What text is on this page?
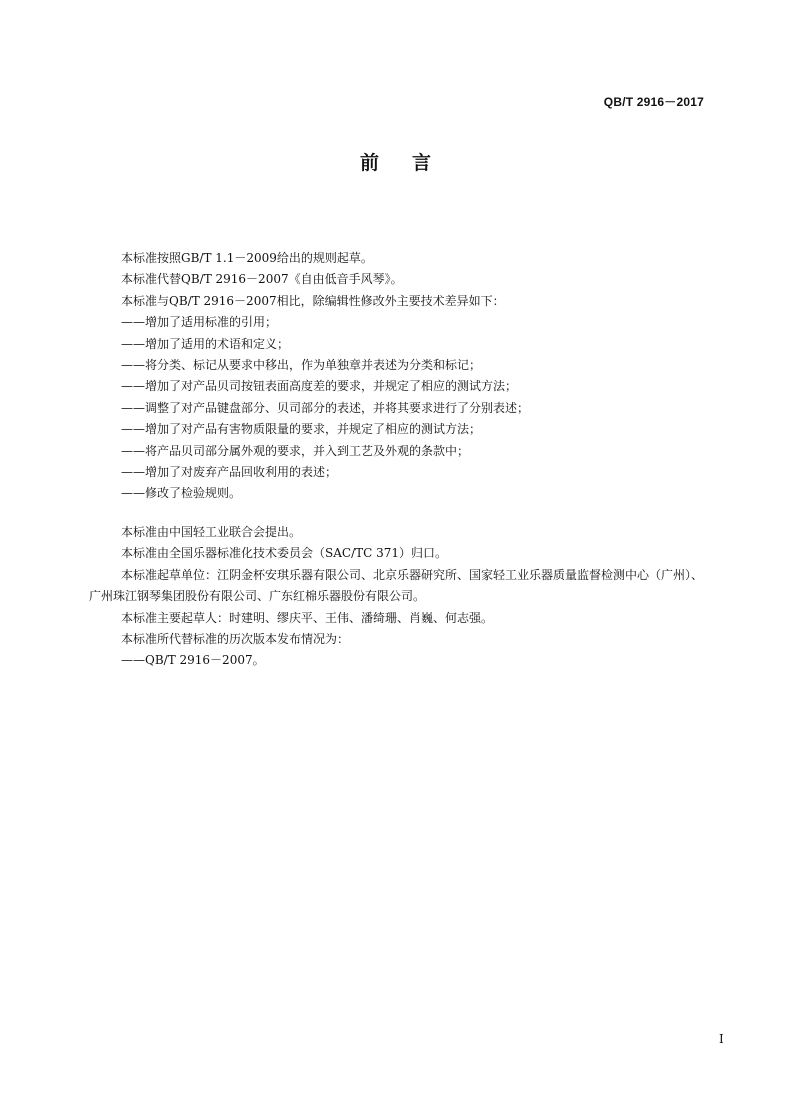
QB/T 2916－2017
前 言

本标准按照GB/T 1.1－2009给出的规则起草。

本标准代替QB/T 2916－2007《自由低音手风琴》。

本标准与QB/T 2916－2007相比，除编辑性修改外主要技术差异如下：

——增加了适用标准的引用；

——增加了适用的术语和定义；

——将分类、标记从要求中移出，作为单独章并表述为分类和标记；

——增加了对产品贝司按钮表面高度差的要求，并规定了相应的测试方法；

——调整了对产品键盘部分、贝司部分的表述，并将其要求进行了分别表述；

——增加了对产品有害物质限量的要求，并规定了相应的测试方法；

——将产品贝司部分属外观的要求，并入到工艺及外观的条款中；

——增加了对废弃产品回收利用的表述；

——修改了检验规则。

本标准由中国轻工业联合会提出。

本标准由全国乐器标准化技术委员会（SAC/TC 371）归口。

本标准起草单位：江阴金杯安琪乐器有限公司、北京乐器研究所、国家轻工业乐器质量监督检测中心（广州）、广州珠江钢琴集团股份有限公司、广东红棉乐器股份有限公司。

本标准主要起草人：时建明、缪庆平、王伟、潘绮珊、肖巍、何志强。

本标准所代替标准的历次版本发布情况为：

——QB/T 2916－2007。

I
